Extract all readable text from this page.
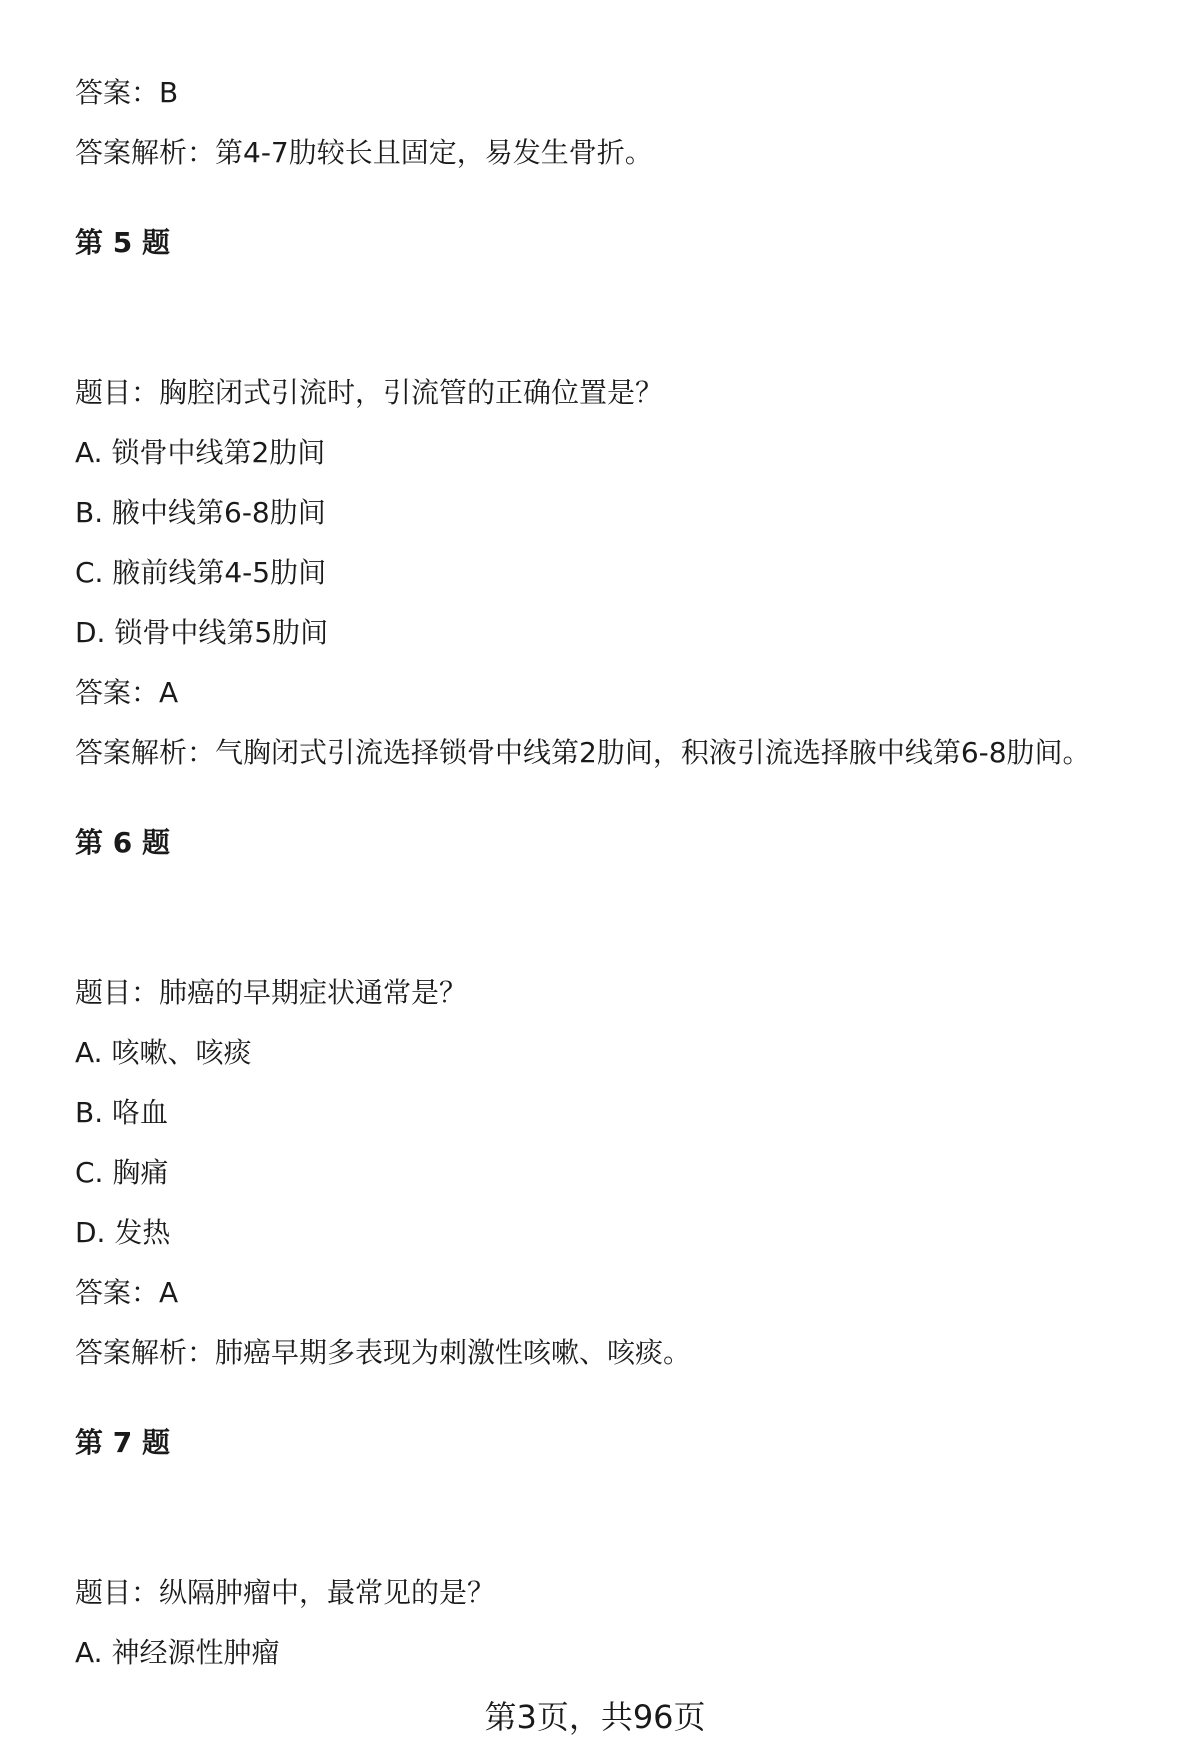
答案：B
答案解析：第4-7肋较长且固定，易发生骨折。
第 5 题
题目：胸腔闭式引流时，引流管的正确位置是？
A. 锁骨中线第2肋间
B. 腋中线第6-8肋间
C. 腋前线第4-5肋间
D. 锁骨中线第5肋间
答案：A
答案解析：气胸闭式引流选择锁骨中线第2肋间，积液引流选择腋中线第6-8肋间。
第 6 题
题目：肺癌的早期症状通常是？
A. 咳嗽、咳痰
B. 咯血
C. 胸痛
D. 发热
答案：A
答案解析：肺癌早期多表现为刺激性咳嗽、咳痰。
第 7 题
题目：纵隔肿瘤中，最常见的是？
A. 神经源性肿瘤
第3页，共96页
